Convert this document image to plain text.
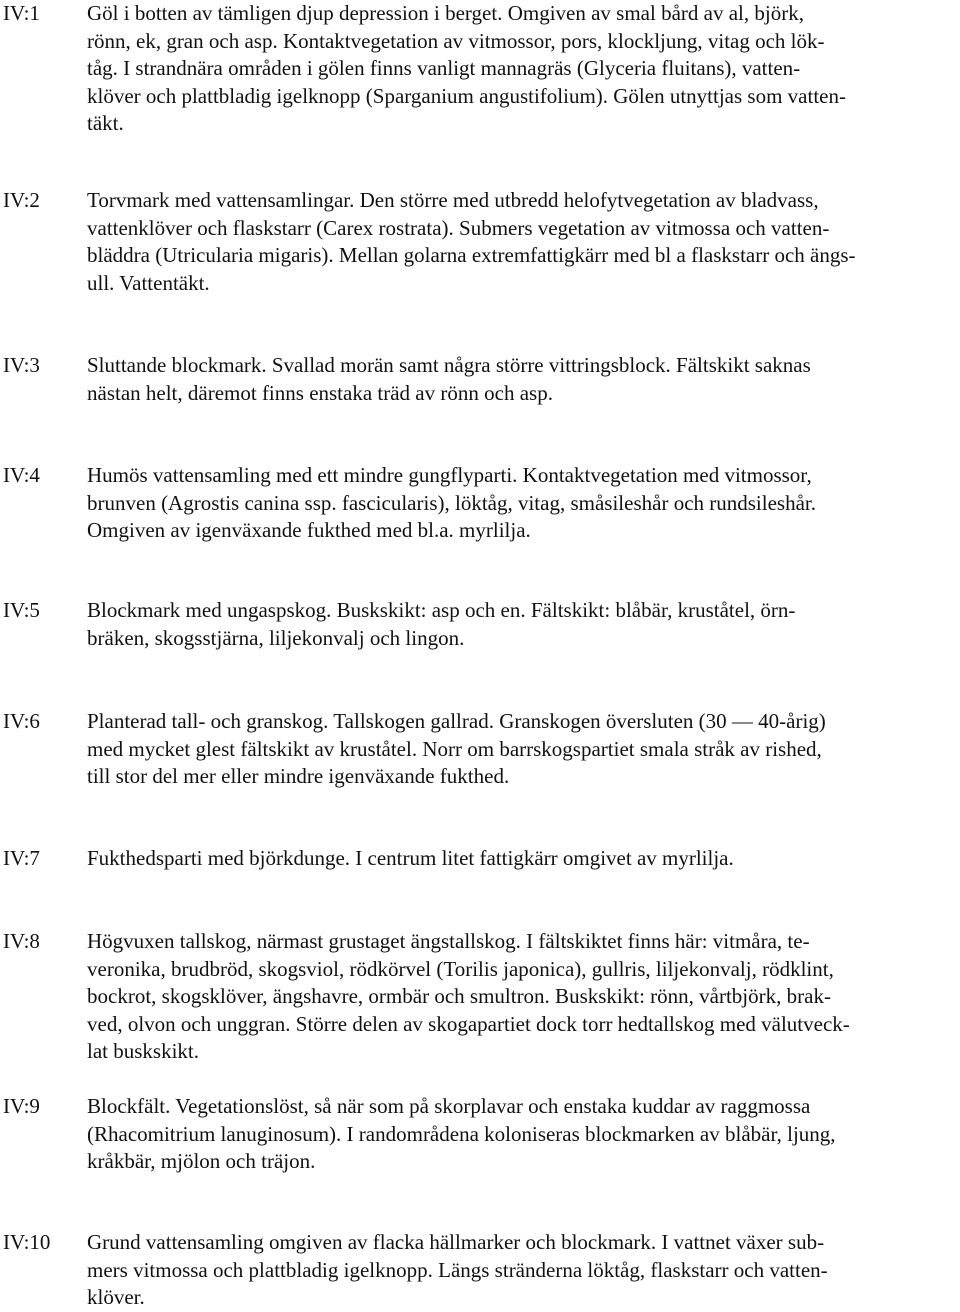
IV:1 Göl i botten av tämligen djup depression i berget. Omgiven av smal bård av al, björk,
rönn, ek, gran och asp. Kontaktvegetation av vitmossor, pors, klockljung, vitag och lök-
tåg. I strandnära områden i gölen finns vanligt mannagräs (Glyceria fluitans), vatten-
klöver och plattbladig igelknopp (Sparganium angustifolium). Gölen utnyttjas som vatten-
täkt.
IV:2 Torvmark med vattensamlingar. Den större med utbredd helofytvegetation av bladvass,
vattenklöver och flaskstarr (Carex rostrata). Submers vegetation av vitmossa och vatten-
bläddra (Utricularia migaris). Mellan golarna extremfattigkärr med bl a flaskstarr och ängs-
ull. Vattentäkt.
IV:3 Sluttande blockmark. Svallad morän samt några större vittringsblock. Fältskikt saknas
nästan helt, däremot finns enstaka träd av rönn och asp.
IV:4 Humös vattensamling med ett mindre gungflyparti. Kontaktvegetation med vitmossor,
brunven (Agrostis canina ssp. fascicularis), löktåg, vitag, småsileshår och rundsileshår.
Omgiven av igenväxande fukthed med bl.a. myrlilja.
IV:5 Blockmark med ungaspskog. Buskskikt: asp och en. Fältskikt: blåbär, kruståtel, örn-
bräken, skogsstjärna, liljekonvalj och lingon.
IV:6 Planterad tall- och granskog. Tallskogen gallrad. Granskogen översluten (30 — 40-årig)
med mycket glest fältskikt av kruståtel. Norr om barrskogspartiet smala stråk av rished,
till stor del mer eller mindre igenväxande fukthed.
IV:7 Fukthedsparti med björkdunge. I centrum litet fattigkärr omgivet av myrlilja.
IV:8 Högvuxen tallskog, närmast grustaget ängstallskog. I fältskiktet finns här: vitmåra, te-
veronika, brudbröd, skogsviol, rödkörvel (Torilis japonica), gullris, liljekonvalj, rödklint,
bockrot, skogsklöver, ängshavre, ormbär och smultron. Buskskikt: rönn, vårtbjörk, brak-
ved, olvon och unggran. Större delen av skogapartiet dock torr hedtallskog med välutveck-
lat buskskikt.
IV:9 Blockfält. Vegetationslöst, så när som på skorplavar och enstaka kuddar av raggmossa
(Rhacomitrium lanuginosum). I randområdena koloniseras blockmarken av blåbär, ljung,
kråkbär, mjölon och träjon.
IV:10 Grund vattensamling omgiven av flacka hällmarker och blockmark. I vattnet växer sub-
mers vitmossa och plattbladig igelknopp. Längs stränderna löktåg, flaskstarr och vatten-
klöver.
